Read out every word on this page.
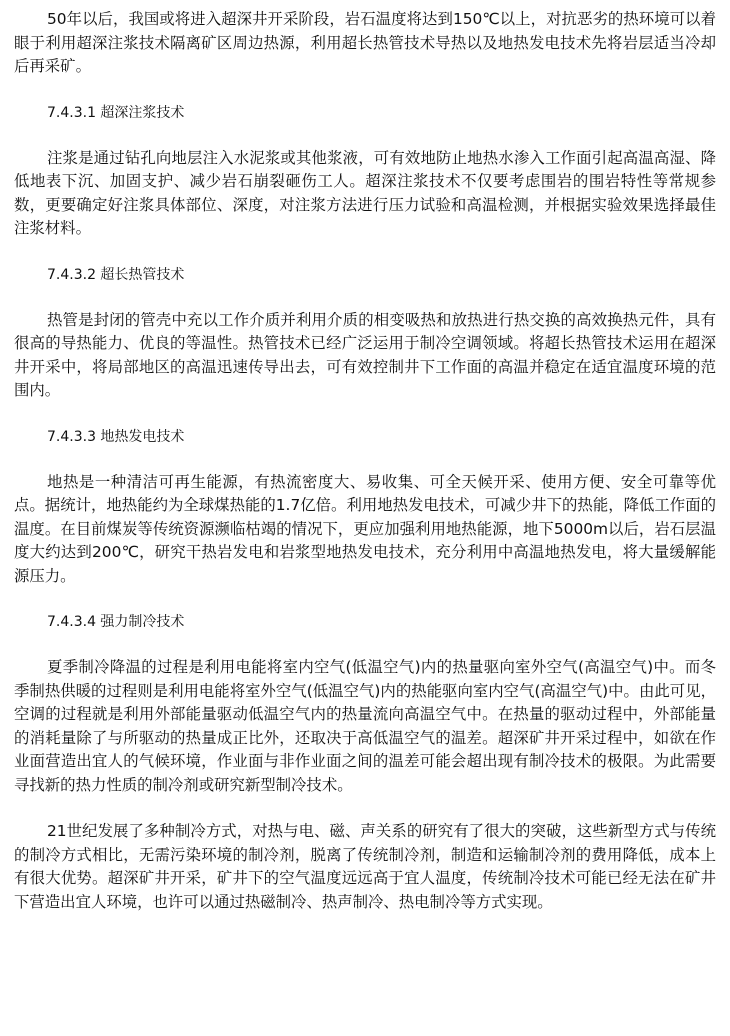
50年以后，我国或将进入超深井开采阶段，岩石温度将达到150℃以上，对抗恶劣的热环境可以着眼于利用超深注浆技术隔离矿区周边热源，利用超长热管技术导热以及地热发电技术先将岩层适当冷却后再采矿。

7.4.3.1 超深注浆技术

注浆是通过钻孔向地层注入水泥浆或其他浆液，可有效地防止地热水渗入工作面引起高温高湿、降低地表下沉、加固支护、减少岩石崩裂砸伤工人。超深注浆技术不仅要考虑围岩的围岩特性等常规参数，更要确定好注浆具体部位、深度，对注浆方法进行压力试验和高温检测，并根据实验效果选择最佳注浆材料。

7.4.3.2 超长热管技术

热管是封闭的管壳中充以工作介质并利用介质的相变吸热和放热进行热交换的高效换热元件，具有很高的导热能力、优良的等温性。热管技术已经广泛运用于制冷空调领域。将超长热管技术运用在超深井开采中，将局部地区的高温迅速传导出去，可有效控制井下工作面的高温并稳定在适宜温度环境的范围内。

7.4.3.3 地热发电技术

地热是一种清洁可再生能源，有热流密度大、易收集、可全天候开采、使用方便、安全可靠等优点。据统计，地热能约为全球煤热能的1.7亿倍。利用地热发电技术，可减少井下的热能，降低工作面的温度。在目前煤炭等传统资源濒临枯竭的情况下，更应加强利用地热能源，地下5000m以后，岩石层温度大约达到200℃，研究干热岩发电和岩浆型地热发电技术，充分利用中高温地热发电，将大量缓解能源压力。

7.4.3.4 强力制冷技术

夏季制冷降温的过程是利用电能将室内空气(低温空气)内的热量驱向室外空气(高温空气)中。而冬季制热供暖的过程则是利用电能将室外空气(低温空气)内的热能驱向室内空气(高温空气)中。由此可见，空调的过程就是利用外部能量驱动低温空气内的热量流向高温空气中。在热量的驱动过程中，外部能量的消耗量除了与所驱动的热量成正比外，还取决于高低温空气的温差。超深矿井开采过程中，如欲在作业面营造出宜人的气候环境，作业面与非作业面之间的温差可能会超出现有制冷技术的极限。为此需要寻找新的热力性质的制冷剂或研究新型制冷技术。

21世纪发展了多种制冷方式，对热与电、磁、声关系的研究有了很大的突破，这些新型方式与传统的制冷方式相比，无需污染环境的制冷剂，脱离了传统制冷剂，制造和运输制冷剂的费用降低，成本上有很大优势。超深矿井开采，矿井下的空气温度远远高于宜人温度，传统制冷技术可能已经无法在矿井下营造出宜人环境，也许可以通过热磁制冷、热声制冷、热电制冷等方式实现。
